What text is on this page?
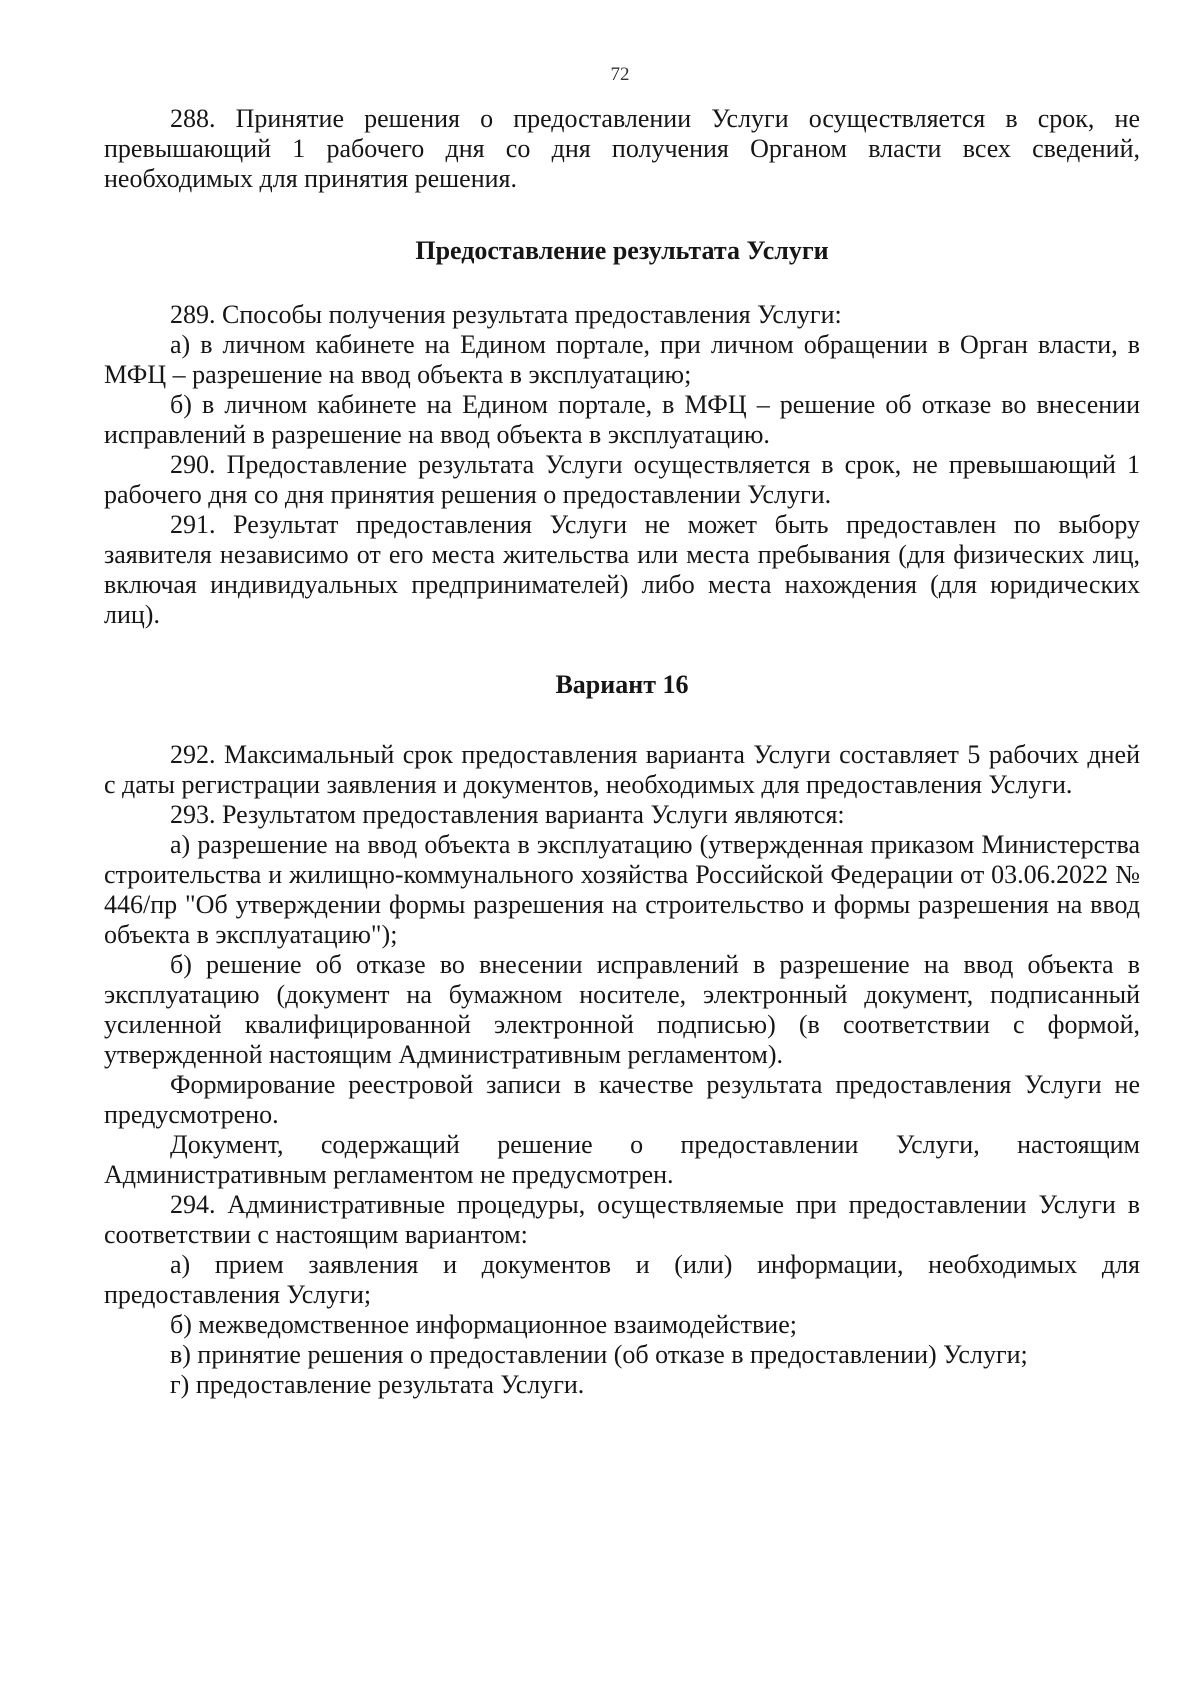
72

288. Принятие решения о предоставлении Услуги осуществляется в срок, не превышающий 1 рабочего дня со дня получения Органом власти всех сведений, необходимых для принятия решения.

Предоставление результата Услуги

289. Способы получения результата предоставления Услуги:

а) в личном кабинете на Едином портале, при личном обращении в Орган власти, в МФЦ – разрешение на ввод объекта в эксплуатацию;

б) в личном кабинете на Едином портале, в МФЦ – решение об отказе во внесении исправлений в разрешение на ввод объекта в эксплуатацию.

290. Предоставление результата Услуги осуществляется в срок, не превышающий 1 рабочего дня со дня принятия решения о предоставлении Услуги.

291. Результат предоставления Услуги не может быть предоставлен по выбору заявителя независимо от его места жительства или места пребывания (для физических лиц, включая индивидуальных предпринимателей) либо места нахождения (для юридических лиц).

Вариант 16

292. Максимальный срок предоставления варианта Услуги составляет 5 рабочих дней с даты регистрации заявления и документов, необходимых для предоставления Услуги.

293. Результатом предоставления варианта Услуги являются:

а) разрешение на ввод объекта в эксплуатацию (утвержденная приказом Министерства строительства и жилищно-коммунального хозяйства Российской Федерации от 03.06.2022 № 446/пр "Об утверждении формы разрешения на строительство и формы разрешения на ввод объекта в эксплуатацию");

б) решение об отказе во внесении исправлений в разрешение на ввод объекта в эксплуатацию (документ на бумажном носителе, электронный документ, подписанный усиленной квалифицированной электронной подписью) (в соответствии с формой, утвержденной настоящим Административным регламентом).

Формирование реестровой записи в качестве результата предоставления Услуги не предусмотрено.

Документ, содержащий решение о предоставлении Услуги, настоящим Административным регламентом не предусмотрен.

294. Административные процедуры, осуществляемые при предоставлении Услуги в соответствии с настоящим вариантом:

а) прием заявления и документов и (или) информации, необходимых для предоставления Услуги;

б) межведомственное информационное взаимодействие;

в) принятие решения о предоставлении (об отказе в предоставлении) Услуги;

г) предоставление результата Услуги.
